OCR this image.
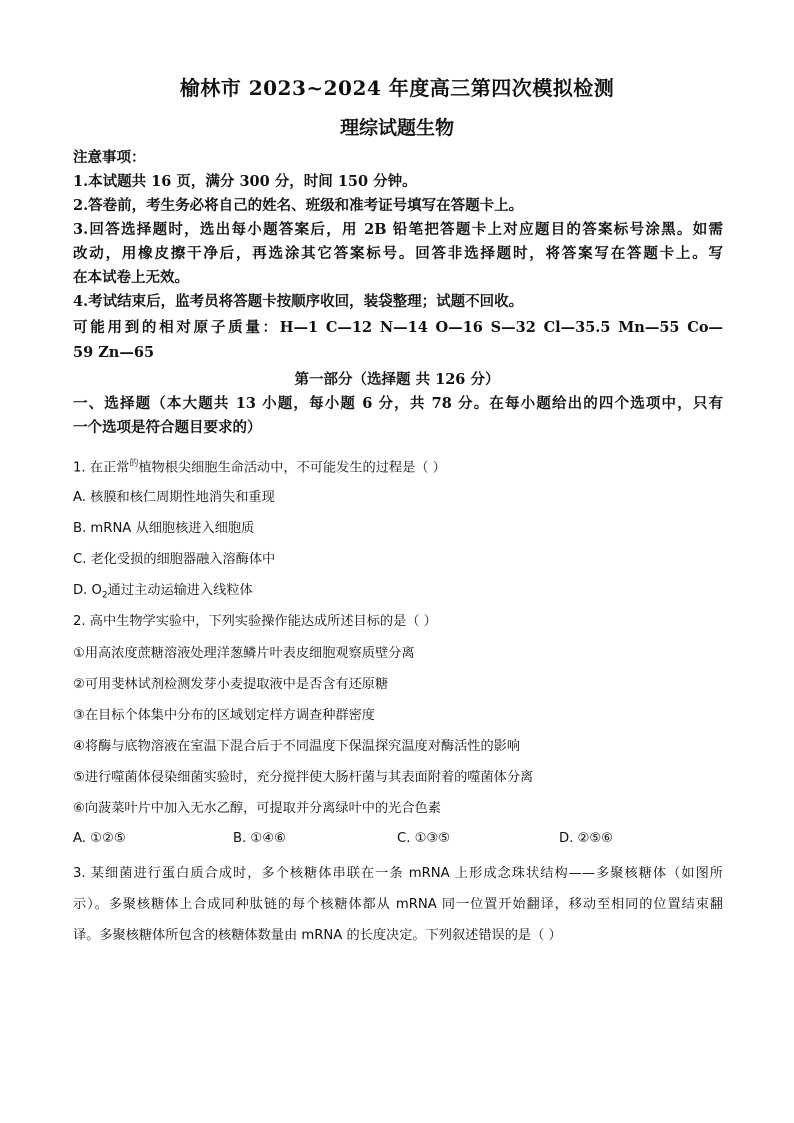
榆林市 2023~2024 年度高三第四次模拟检测
理综试题生物
注意事项：
1.本试题共 16 页，满分 300 分，时间 150 分钟。
2.答卷前，考生务必将自己的姓名、班级和准考证号填写在答题卡上。
3.回答选择题时，选出每小题答案后，用 2B 铅笔把答题卡上对应题目的答案标号涂黑。如需
改动，用橡皮擦干净后，再选涂其它答案标号。回答非选择题时，将答案写在答题卡上。写
在本试卷上无效。
4.考试结束后，监考员将答题卡按顺序收回，装袋整理；试题不回收。
可能用到的相对原子质量：H—1 C—12 N—14 O—16 S—32 Cl—35.5 Mn—55 Co—
59 Zn—65
第一部分（选择题 共 126 分）
一、选择题（本大题共 13 小题，每小题 6 分，共 78 分。在每小题给出的四个选项中，只有
一个选项是符合题目要求的）
1. 在正常$^的$植物根尖细胞生命活动中，不可能发生的过程是（ ）
A. 核膜和核仁周期性地消失和重现
B. mRNA 从细胞核进入细胞质
C. 老化受损的细胞器融入溶酶体中
D. $O_2$通过主动运输进入线粒体
2. 高中生物学实验中，下列实验操作能达成所述目标的是（ ）
①用高浓度蔗糖溶液处理洋葱鳞片叶表皮细胞观察质壁分离
②可用斐林试剂检测发芽小麦提取液中是否含有还原糖
③在目标个体集中分布的区域划定样方调查种群密度
④将酶与底物溶液在室温下混合后于不同温度下保温探究温度对酶活性的影响
⑤进行噬菌体侵染细菌实验时，充分搅拌使大肠杆菌与其表面附着的噬菌体分离
⑥向菠菜叶片中加入无水乙醇，可提取并分离绿叶中的光合色素
A. ①②⑤	B. ①④⑥	C. ①③⑤	D. ②⑤⑥
3. 某细菌进行蛋白质合成时，多个核糖体串联在一条 mRNA 上形成念珠状结构——多聚核糖体（如图所
示）。多聚核糖体上合成同种肽链的每个核糖体都从 mRNA 同一位置开始翻译，移动至相同的位置结束翻
译。多聚核糖体所包含的核糖体数量由 mRNA 的长度决定。下列叙述错误的是（ ）
